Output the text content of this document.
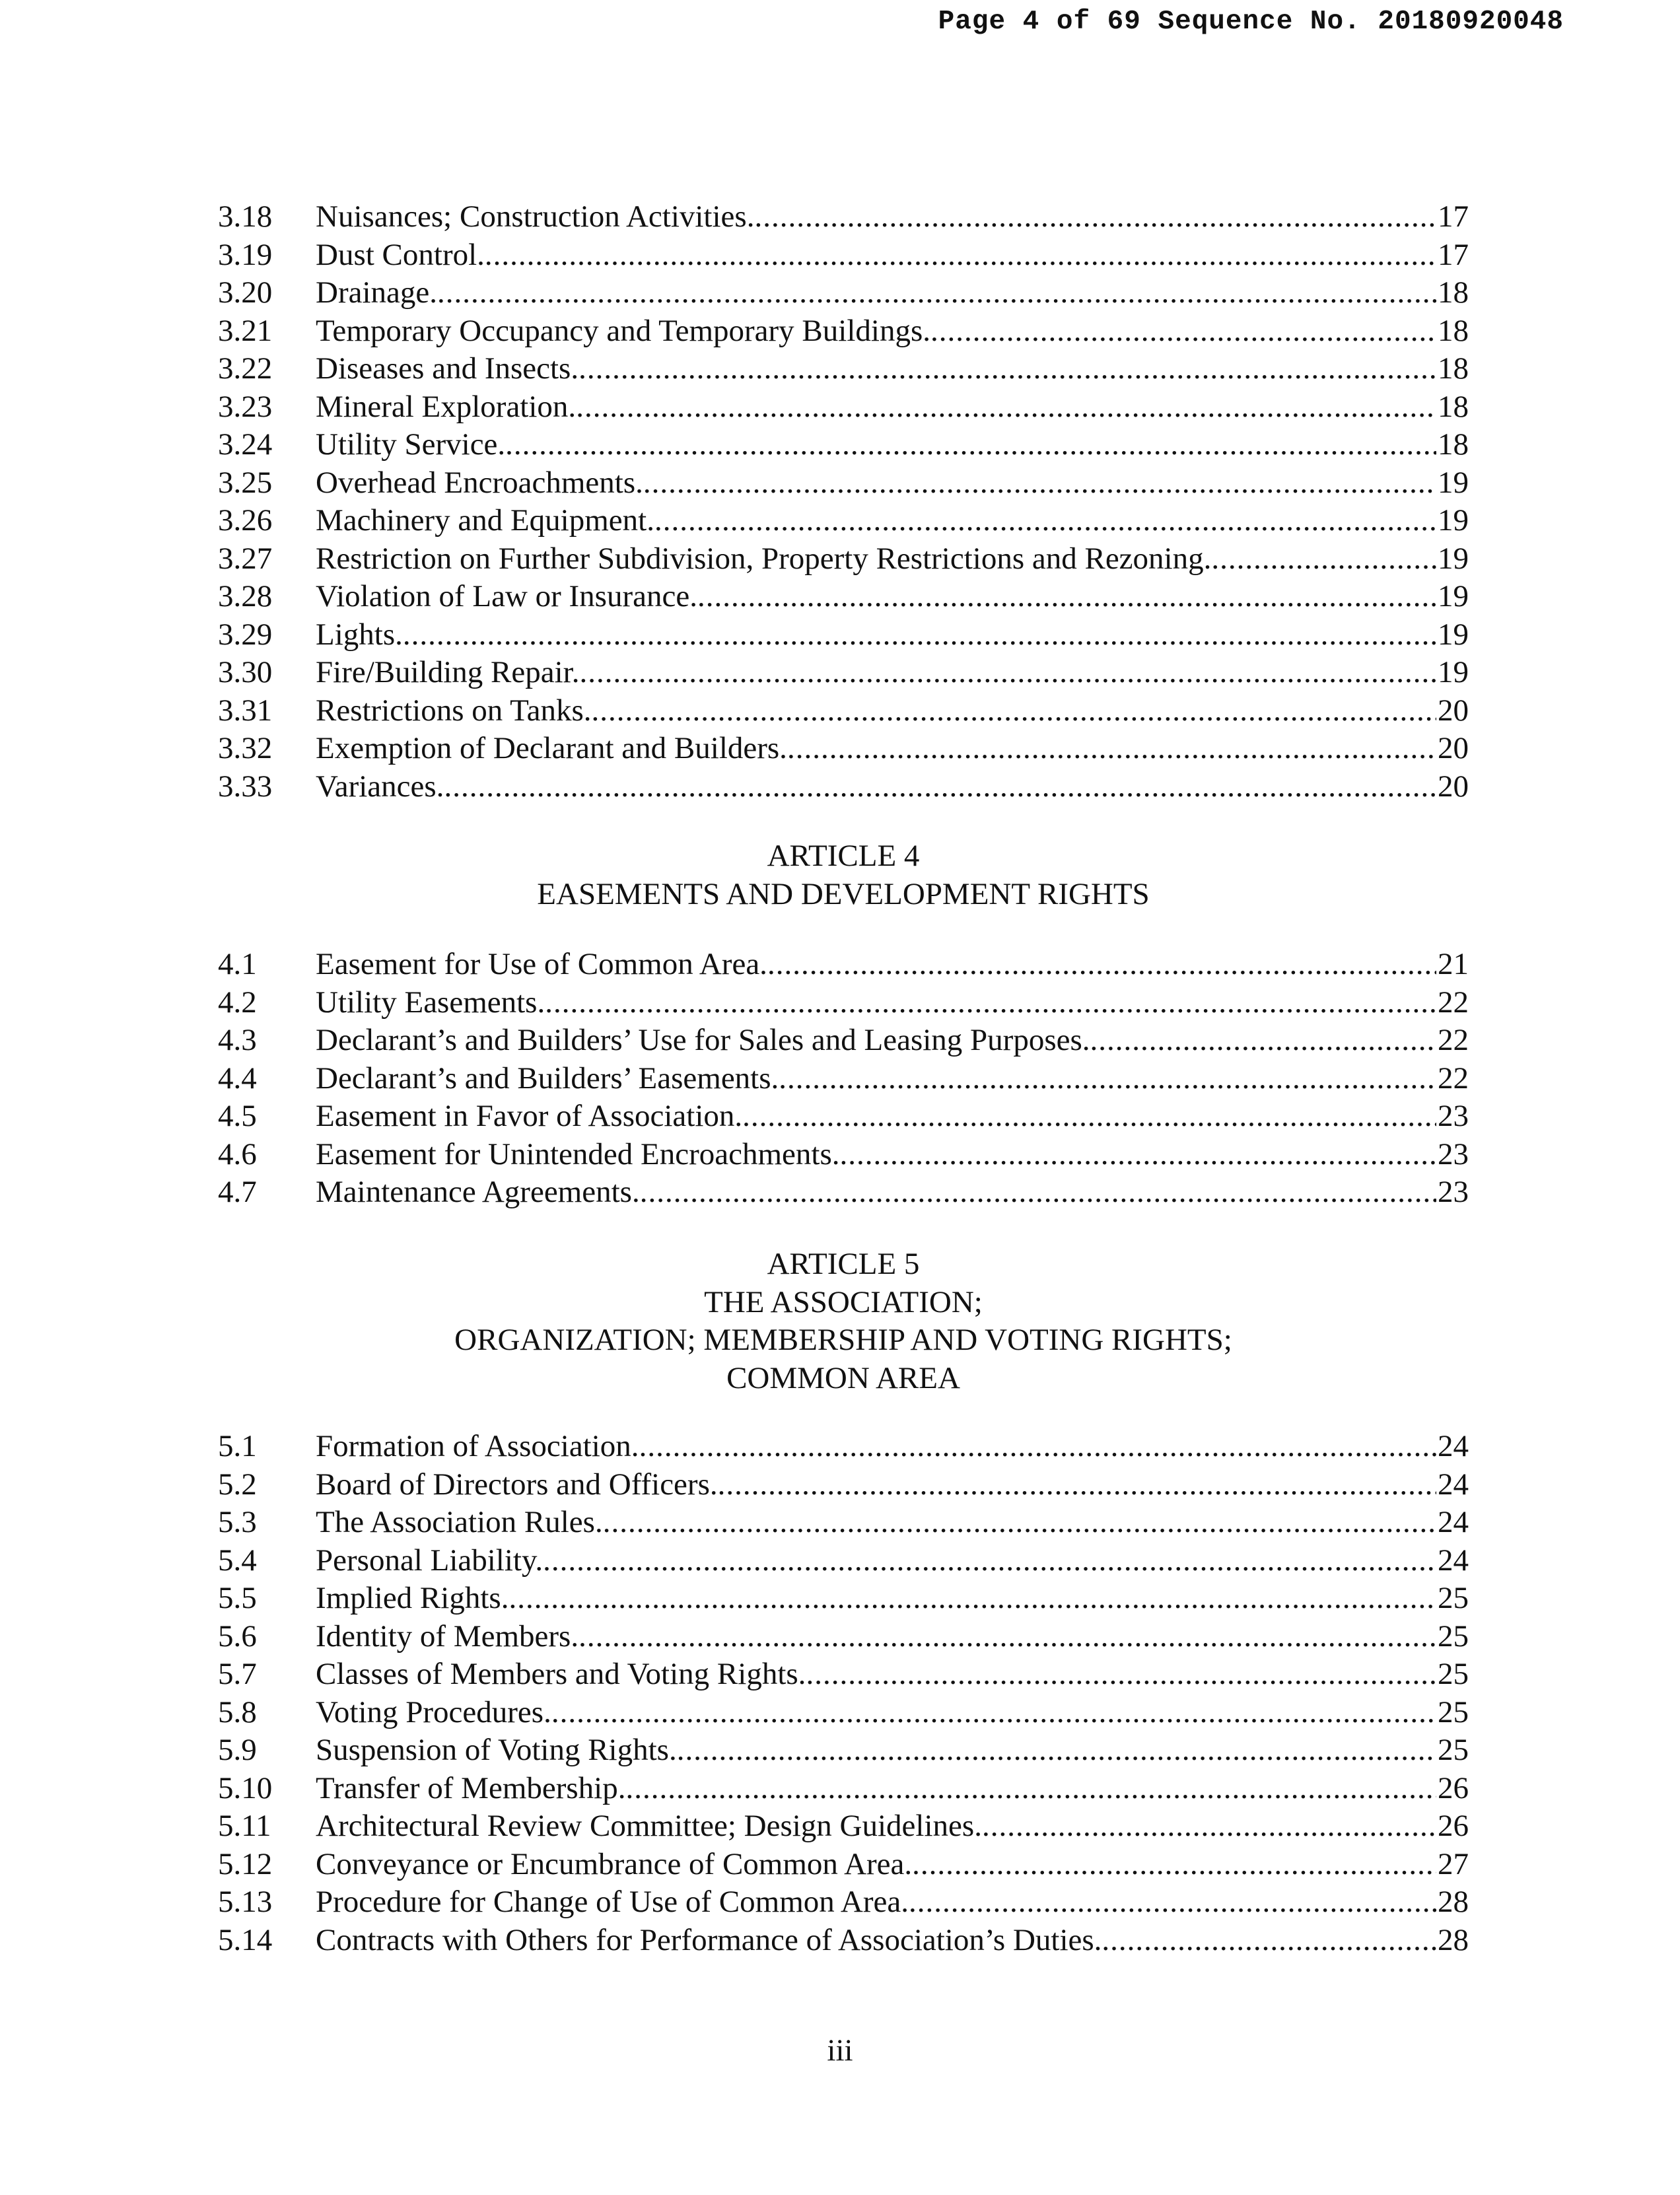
Page 4 of 69 Sequence No. 20180920048
3.18	Nuisances; Construction Activities. .....	17
3.19	Dust Control. .....	17
3.20	Drainage. .....	18
3.21	Temporary Occupancy and Temporary Buildings. .....	18
3.22	Diseases and Insects. .....	18
3.23	Mineral Exploration. .....	18
3.24	Utility Service. .....	18
3.25	Overhead Encroachments. .....	19
3.26	Machinery and Equipment. .....	19
3.27	Restriction on Further Subdivision, Property Restrictions and Rezoning. .....	19
3.28	Violation of Law or Insurance. .....	19
3.29	Lights. .....	19
3.30	Fire/Building Repair. .....	19
3.31	Restrictions on Tanks. .....	20
3.32	Exemption of Declarant and Builders. .....	20
3.33	Variances. .....	20
ARTICLE 4
EASEMENTS AND DEVELOPMENT RIGHTS
4.1	Easement for Use of Common Area. .....	21
4.2	Utility Easements. .....	22
4.3	Declarant’s and Builders’ Use for Sales and Leasing Purposes. .....	22
4.4	Declarant’s and Builders’ Easements. .....	22
4.5	Easement in Favor of Association. .....	23
4.6	Easement for Unintended Encroachments. .....	23
4.7	Maintenance Agreements. .....	23
ARTICLE 5
THE ASSOCIATION;
ORGANIZATION; MEMBERSHIP AND VOTING RIGHTS;
COMMON AREA
5.1	Formation of Association. .....	24
5.2	Board of Directors and Officers. .....	24
5.3	The Association Rules. .....	24
5.4	Personal Liability. .....	24
5.5	Implied Rights. .....	25
5.6	Identity of Members. .....	25
5.7	Classes of Members and Voting Rights. .....	25
5.8	Voting Procedures. .....	25
5.9	Suspension of Voting Rights. .....	25
5.10	Transfer of Membership. .....	26
5.11	Architectural Review Committee; Design Guidelines. .....	26
5.12	Conveyance or Encumbrance of Common Area. .....	27
5.13	Procedure for Change of Use of Common Area. .....	28
5.14	Contracts with Others for Performance of Association’s Duties. .....	28
iii
